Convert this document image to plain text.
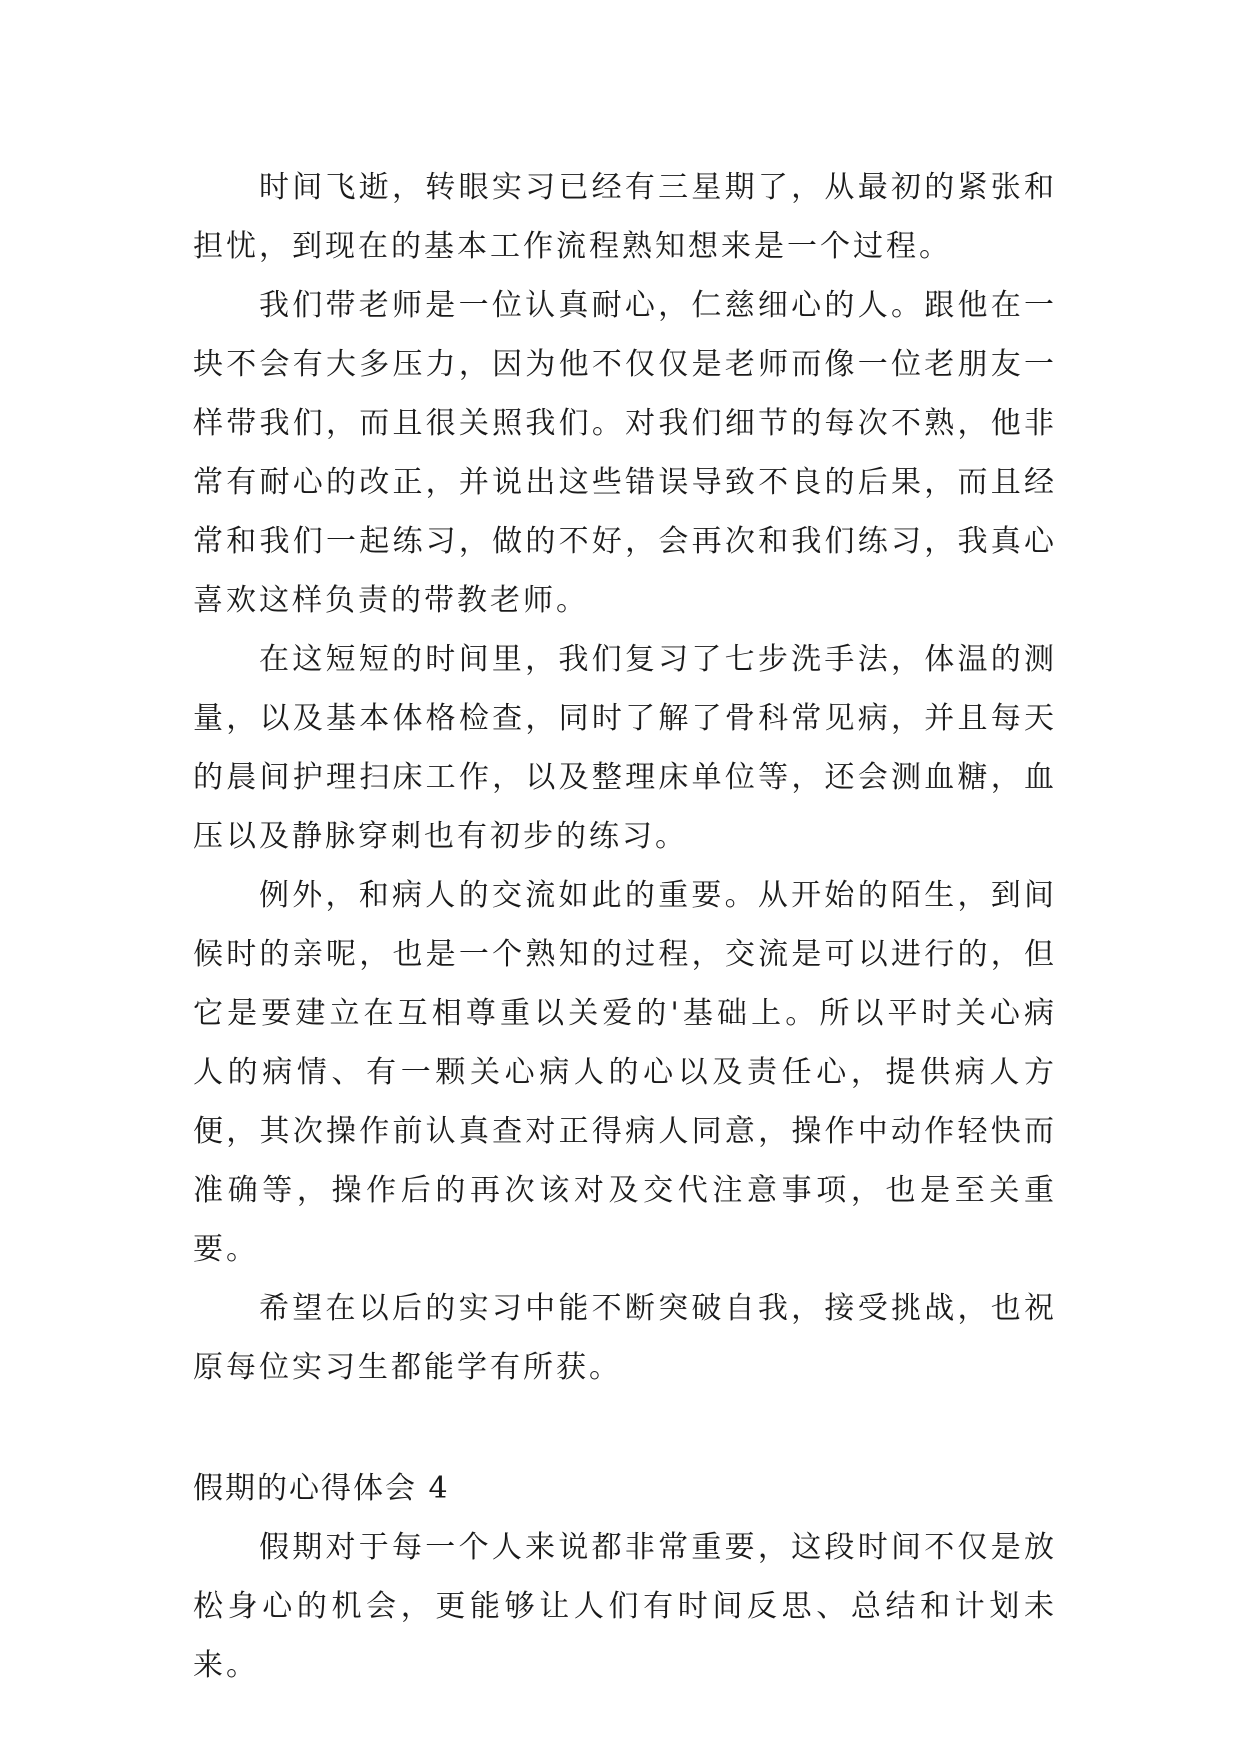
时间飞逝，转眼实习已经有三星期了，从最初的紧张和担忧，到现在的基本工作流程熟知想来是一个过程。

我们带老师是一位认真耐心，仁慈细心的人。跟他在一块不会有大多压力，因为他不仅仅是老师而像一位老朋友一样带我们，而且很关照我们。对我们细节的每次不熟，他非常有耐心的改正，并说出这些错误导致不良的后果，而且经常和我们一起练习，做的不好，会再次和我们练习，我真心喜欢这样负责的带教老师。

在这短短的时间里，我们复习了七步洗手法，体温的测量，以及基本体格检查，同时了解了骨科常见病，并且每天的晨间护理扫床工作，以及整理床单位等，还会测血糖，血压以及静脉穿刺也有初步的练习。

例外，和病人的交流如此的重要。从开始的陌生，到间候时的亲呢，也是一个熟知的过程，交流是可以进行的，但它是要建立在互相尊重以关爱的'基础上。所以平时关心病人的病情、有一颗关心病人的心以及责任心，提供病人方便，其次操作前认真查对正得病人同意，操作中动作轻快而准确等，操作后的再次该对及交代注意事项，也是至关重要。

希望在以后的实习中能不断突破自我，接受挑战，也祝原每位实习生都能学有所获。

假期的心得体会 4

假期对于每一个人来说都非常重要，这段时间不仅是放松身心的机会，更能够让人们有时间反思、总结和计划未来。
